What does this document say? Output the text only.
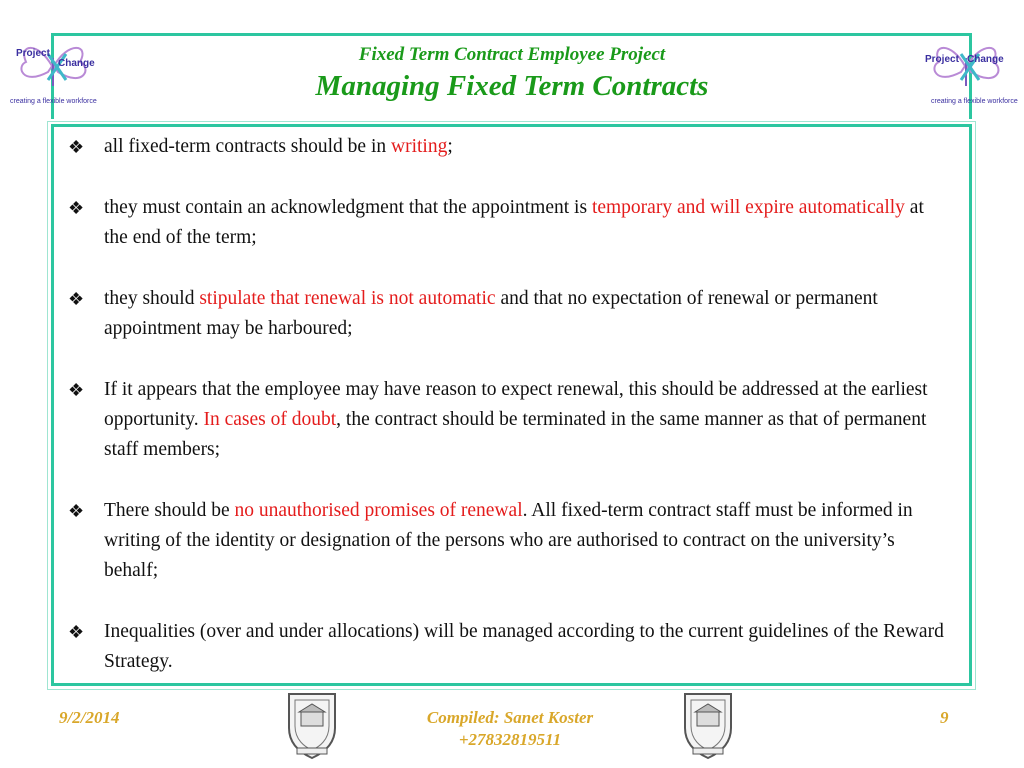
Project
Change
creating a flexible workforce
Project Change
creating a flexible workforce
Fixed Term Contract Employee Project
Managing Fixed Term Contracts
❖	all fixed-term contracts should be in writing;
❖	they must contain an acknowledgment that the appointment is temporary and will expire automatically at the end of the term;
❖	they should stipulate that renewal is not automatic and that no expectation of renewal or permanent appointment may be harboured;
❖	If it appears that the employee may have reason to expect renewal, this should be addressed at the earliest opportunity. In cases of doubt, the contract should be terminated in the same manner as that of permanent staff members;
❖	There should be no unauthorised promises of renewal. All fixed-term contract staff must be informed in writing of the identity or designation of the persons who are authorised to contract on the university’s behalf;
❖	Inequalities (over and under allocations) will be managed according to the current guidelines of the Reward Strategy.
9/2/2014	Compiled: Sanet Koster
+27832819511
9
